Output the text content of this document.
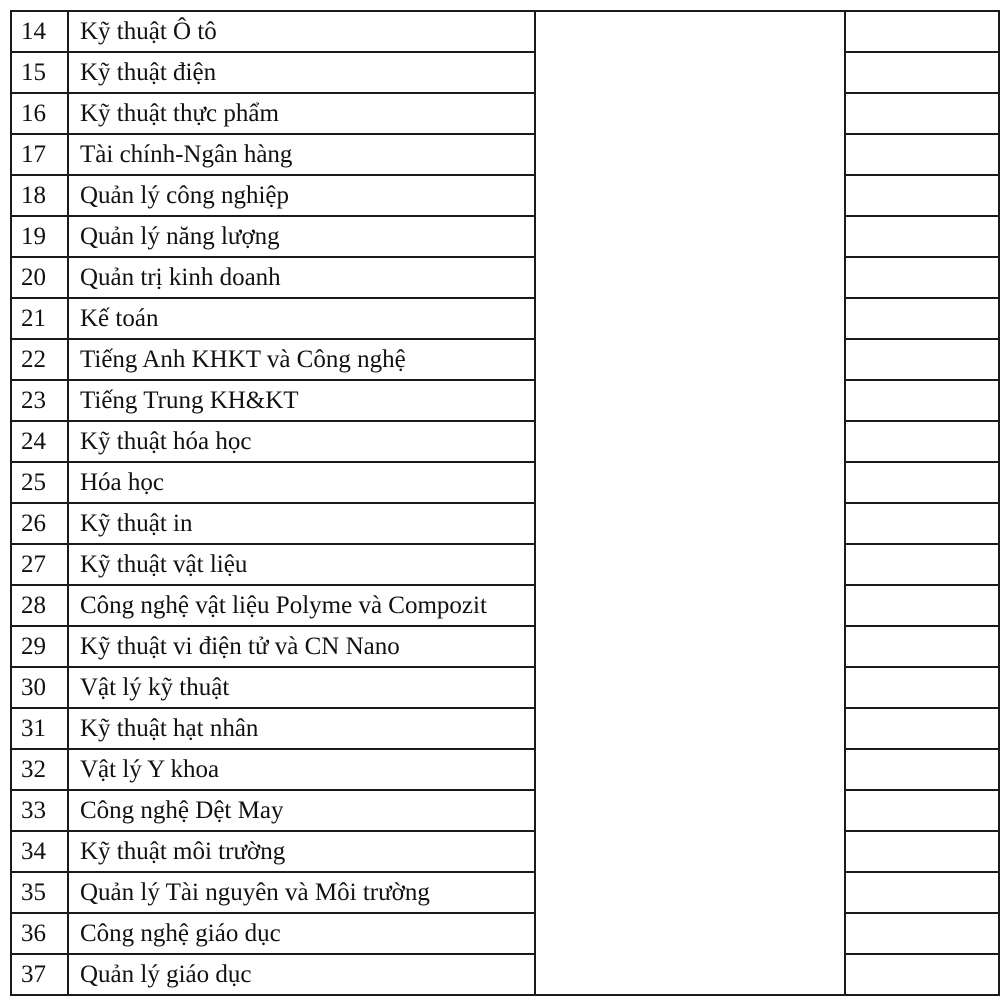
14	Kỹ thuật Ô tô		
15	Kỹ thuật điện		
16	Kỹ thuật thực phẩm		
17	Tài chính-Ngân hàng		
18	Quản lý công nghiệp		
19	Quản lý năng lượng		
20	Quản trị kinh doanh		
21	Kế toán		
22	Tiếng Anh KHKT và Công nghệ		
23	Tiếng Trung KH&KT		
24	Kỹ thuật hóa học		
25	Hóa học		
26	Kỹ thuật in		
27	Kỹ thuật vật liệu		
28	Công nghệ vật liệu Polyme và Compozit		
29	Kỹ thuật vi điện tử và CN Nano		
30	Vật lý kỹ thuật		
31	Kỹ thuật hạt nhân		
32	Vật lý Y khoa		
33	Công nghệ Dệt May		
34	Kỹ thuật môi trường		
35	Quản lý Tài nguyên và Môi trường		
36	Công nghệ giáo dục		
37	Quản lý giáo dục		
